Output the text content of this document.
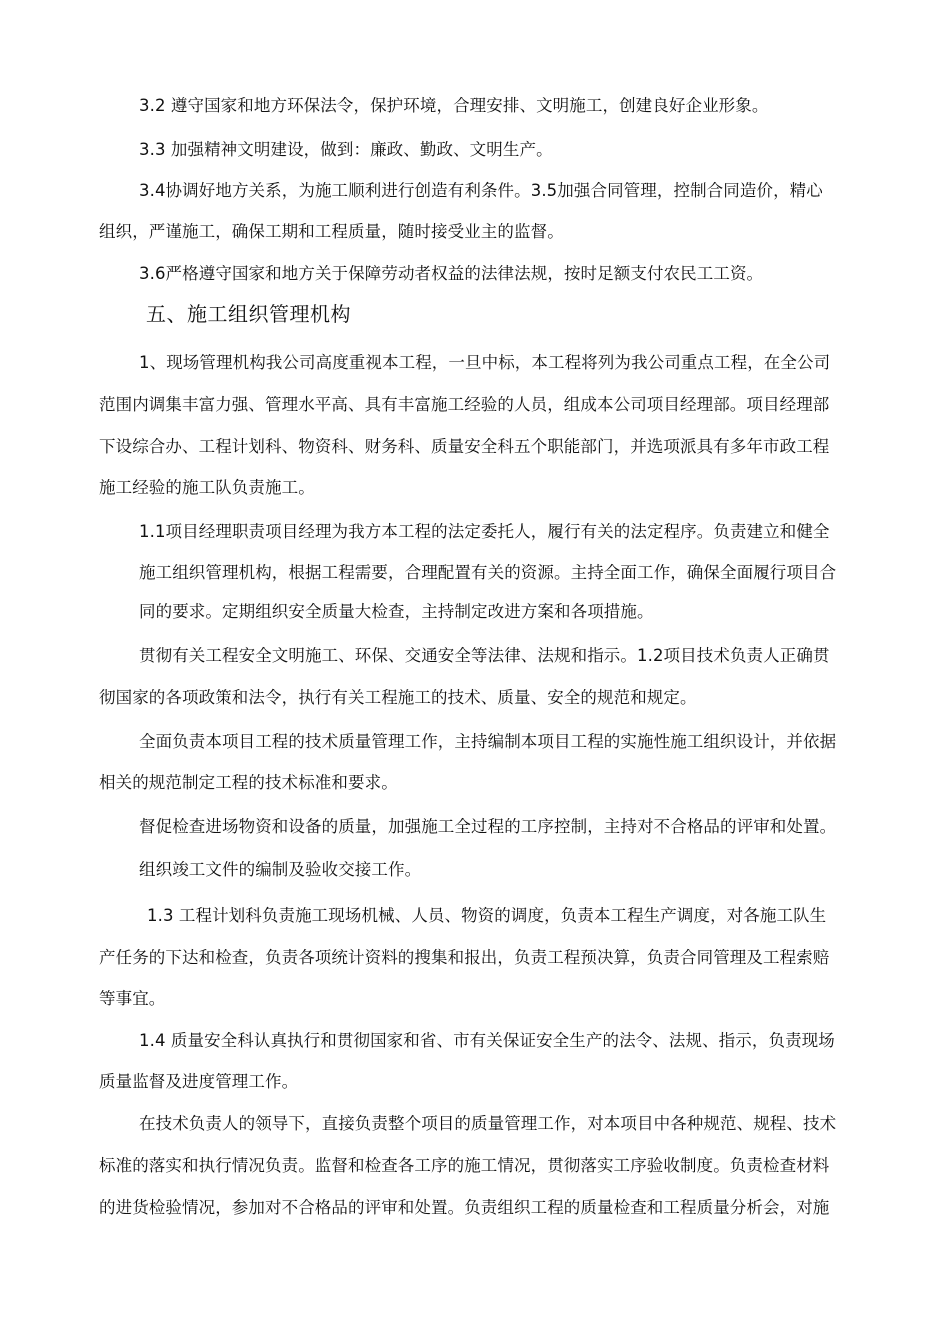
3.2 遵守国家和地方环保法令，保护环境，合理安排、文明施工，创建良好企业形象。
3.3 加强精神文明建设，做到：廉政、勤政、文明生产。
3.4协调好地方关系，为施工顺利进行创造有利条件。3.5加强合同管理，控制合同造价，精心
组织，严谨施工，确保工期和工程质量，随时接受业主的监督。
3.6严格遵守国家和地方关于保障劳动者权益的法律法规，按时足额支付农民工工资。
五、施工组织管理机构
1、现场管理机构我公司高度重视本工程，一旦中标，本工程将列为我公司重点工程，在全公司
范围内调集丰富力强、管理水平高、具有丰富施工经验的人员，组成本公司项目经理部。项目经理部
下设综合办、工程计划科、物资科、财务科、质量安全科五个职能部门，并选项派具有多年市政工程
施工经验的施工队负责施工。
1.1项目经理职责项目经理为我方本工程的法定委托人，履行有关的法定程序。负责建立和健全
施工组织管理机构，根据工程需要，合理配置有关的资源。主持全面工作，确保全面履行项目合
同的要求。定期组织安全质量大检查，主持制定改进方案和各项措施。
贯彻有关工程安全文明施工、环保、交通安全等法律、法规和指示。1.2项目技术负责人正确贯
彻国家的各项政策和法令，执行有关工程施工的技术、质量、安全的规范和规定。
全面负责本项目工程的技术质量管理工作，主持编制本项目工程的实施性施工组织设计，并依据
相关的规范制定工程的技术标准和要求。
督促检查进场物资和设备的质量，加强施工全过程的工序控制，主持对不合格品的评审和处置。
组织竣工文件的编制及验收交接工作。
1.3 工程计划科负责施工现场机械、人员、物资的调度，负责本工程生产调度，对各施工队生
产任务的下达和检查，负责各项统计资料的搜集和报出，负责工程预决算，负责合同管理及工程索赔
等事宜。
1.4 质量安全科认真执行和贯彻国家和省、市有关保证安全生产的法令、法规、指示，负责现场
质量监督及进度管理工作。
在技术负责人的领导下，直接负责整个项目的质量管理工作，对本项目中各种规范、规程、技术
标准的落实和执行情况负责。监督和检查各工序的施工情况，贯彻落实工序验收制度。负责检查材料
的进货检验情况，参加对不合格品的评审和处置。负责组织工程的质量检查和工程质量分析会，对施
